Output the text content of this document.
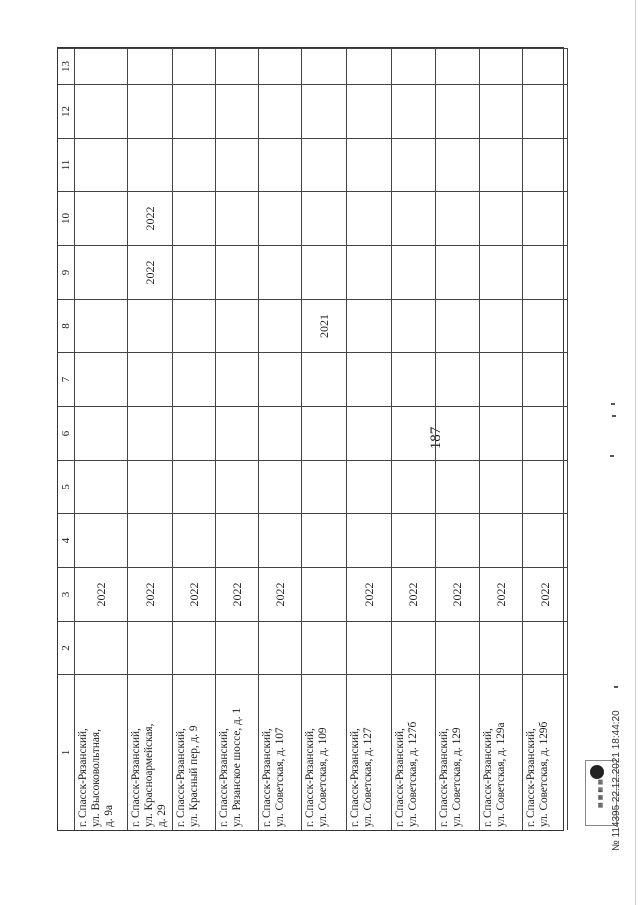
187
1
2
3
4
5
6
7
8
9
10
11
12
13
г. Спасск-Рязанский,
ул. Высоковольтная,
д. 9а
2022
г. Спасск-Рязанский,
ул. Красноармейская,
д. 29
2022
2022
2022
г. Спасск-Рязанский,
ул. Красный пер, д. 9
2022
г. Спасск-Рязанский,
ул. Рязанское шоссе, д. 1
2022
г. Спасск-Рязанский,
ул. Советская, д. 107
2022
г. Спасск-Рязанский,
ул. Советская, д. 109
2021
г. Спасск-Рязанский,
ул. Советская, д. 127
2022
г. Спасск-Рязанский,
ул. Советская, д. 127б
2022
г. Спасск-Рязанский,
ул. Советская, д. 129
2022
г. Спасск-Рязанский,
ул. Советская, д. 129а
2022
г. Спасск-Рязанский,
ул. Советская, д. 129б
2022
▦ ▦ ▦ ▦ № 114395 22.12.2021 18:44:20
